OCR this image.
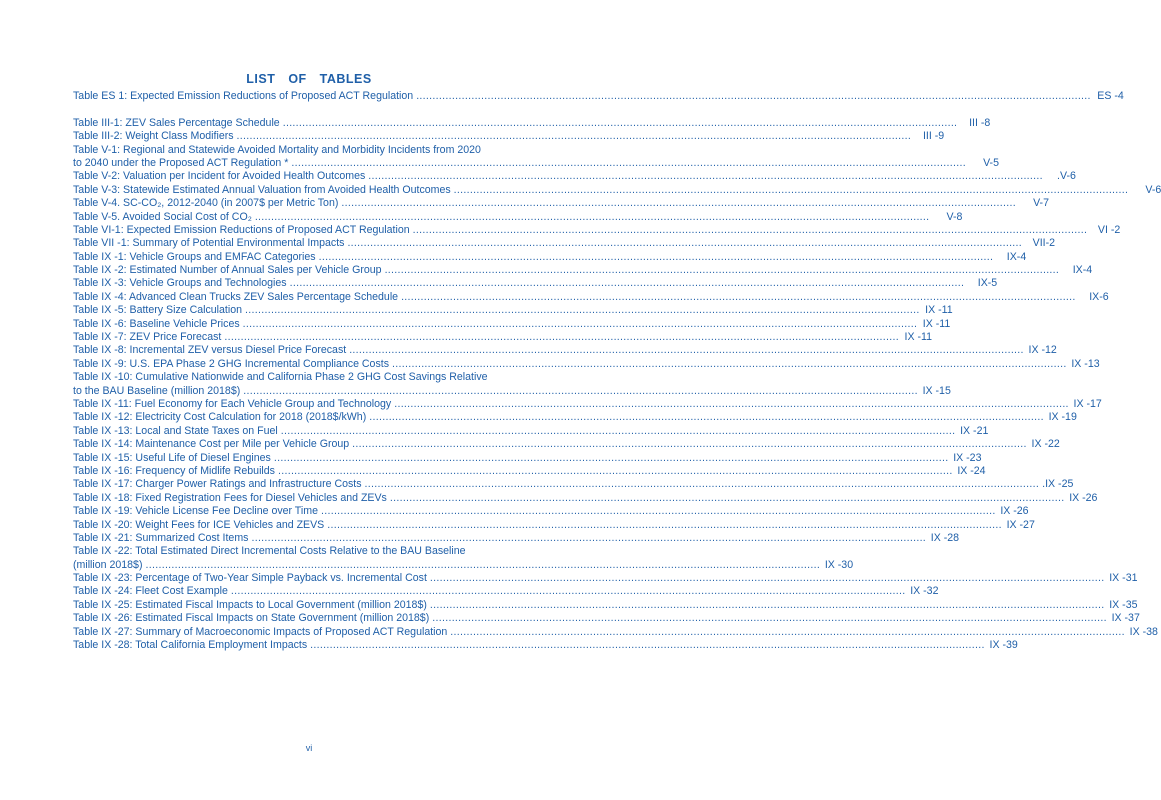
LIST OF TABLES
Table ES 1: Expected Emission Reductions of Proposed ACT Regulation ................................................................................................................................................................................................................ ES -4
Table III-1: ZEV Sales Percentage Schedule ................................................................................................................................................................................................................	III -8
Table III-2: Weight Class Modifiers ................................................................................................................................................................................................................	III -9
Table V-1: Regional and Statewide Avoided Mortality and Morbidity Incidents from 2020
to 2040 under the Proposed ACT Regulation * ................................................................................................................................................................................................................	V-5
Table V-2: Valuation per Incident for Avoided Health Outcomes ................................................................................................................................................................................................................	.V-6
Table V-3: Statewide Estimated Annual Valuation from Avoided Health Outcomes ................................................................................................................................................................................................................	V-6
Table V-4. SC-CO₂, 2012-2040 (in 2007$ per Metric Ton) ................................................................................................................................................................................................................	V-7
Table V-5. Avoided Social Cost of CO₂ ................................................................................................................................................................................................................	V-8
Table VI-1: Expected Emission Reductions of Proposed ACT Regulation ................................................................................................................................................................................................................	VI -2
Table VII -1: Summary of Potential Environmental Impacts ................................................................................................................................................................................................................	VII-2
Table IX -1: Vehicle Groups and EMFAC Categories ................................................................................................................................................................................................................	IX-4
Table IX -2: Estimated Number of Annual Sales per Vehicle Group ................................................................................................................................................................................................................	IX-4
Table IX -3: Vehicle Groups and Technologies ................................................................................................................................................................................................................	IX-5
Table IX -4: Advanced Clean Trucks ZEV Sales Percentage Schedule ................................................................................................................................................................................................................	IX-6
Table IX -5: Battery Size Calculation ................................................................................................................................................................................................................ IX -11
Table IX -6: Baseline Vehicle Prices ................................................................................................................................................................................................................ IX -11
Table IX -7: ZEV Price Forecast ................................................................................................................................................................................................................ IX -11
Table IX -8: Incremental ZEV versus Diesel Price Forecast ................................................................................................................................................................................................................ IX -12
Table IX -9: U.S. EPA Phase 2 GHG Incremental Compliance Costs ................................................................................................................................................................................................................ IX -13
Table IX -10: Cumulative Nationwide and California Phase 2 GHG Cost Savings Relative
to the BAU Baseline (million 2018$) ................................................................................................................................................................................................................ IX -15
Table IX -11: Fuel Economy for Each Vehicle Group and Technology ................................................................................................................................................................................................................ IX -17
Table IX -12: Electricity Cost Calculation for 2018 (2018$/kWh) ................................................................................................................................................................................................................ IX -19
Table IX -13: Local and State Taxes on Fuel ................................................................................................................................................................................................................ IX -21
Table IX -14: Maintenance Cost per Mile per Vehicle Group ................................................................................................................................................................................................................ IX -22
Table IX -15: Useful Life of Diesel Engines ................................................................................................................................................................................................................ IX -23
Table IX -16: Frequency of Midlife Rebuilds ................................................................................................................................................................................................................ IX -24
Table IX -17: Charger Power Ratings and Infrastructure Costs ................................................................................................................................................................................................................ .IX -25
Table IX -18: Fixed Registration Fees for Diesel Vehicles and ZEVs ................................................................................................................................................................................................................ IX -26
Table IX -19: Vehicle License Fee Decline over Time ................................................................................................................................................................................................................ IX -26
Table IX -20: Weight Fees for ICE Vehicles and ZEVS ................................................................................................................................................................................................................ IX -27
Table IX -21: Summarized Cost Items ................................................................................................................................................................................................................ IX -28
Table IX -22: Total Estimated Direct Incremental Costs Relative to the BAU Baseline
(million 2018$) ................................................................................................................................................................................................................ IX -30
Table IX -23: Percentage of Two-Year Simple Payback vs. Incremental Cost ................................................................................................................................................................................................................ IX -31
Table IX -24: Fleet Cost Example ................................................................................................................................................................................................................ IX -32
Table IX -25: Estimated Fiscal Impacts to Local Government (million 2018$) ................................................................................................................................................................................................................ IX -35
Table IX -26: Estimated Fiscal Impacts on State Government (million 2018$) ................................................................................................................................................................................................................ IX -37
Table IX -27: Summary of Macroeconomic Impacts of Proposed ACT Regulation ................................................................................................................................................................................................................ IX -38
Table IX -28: Total California Employment Impacts ................................................................................................................................................................................................................ IX -39
vi
